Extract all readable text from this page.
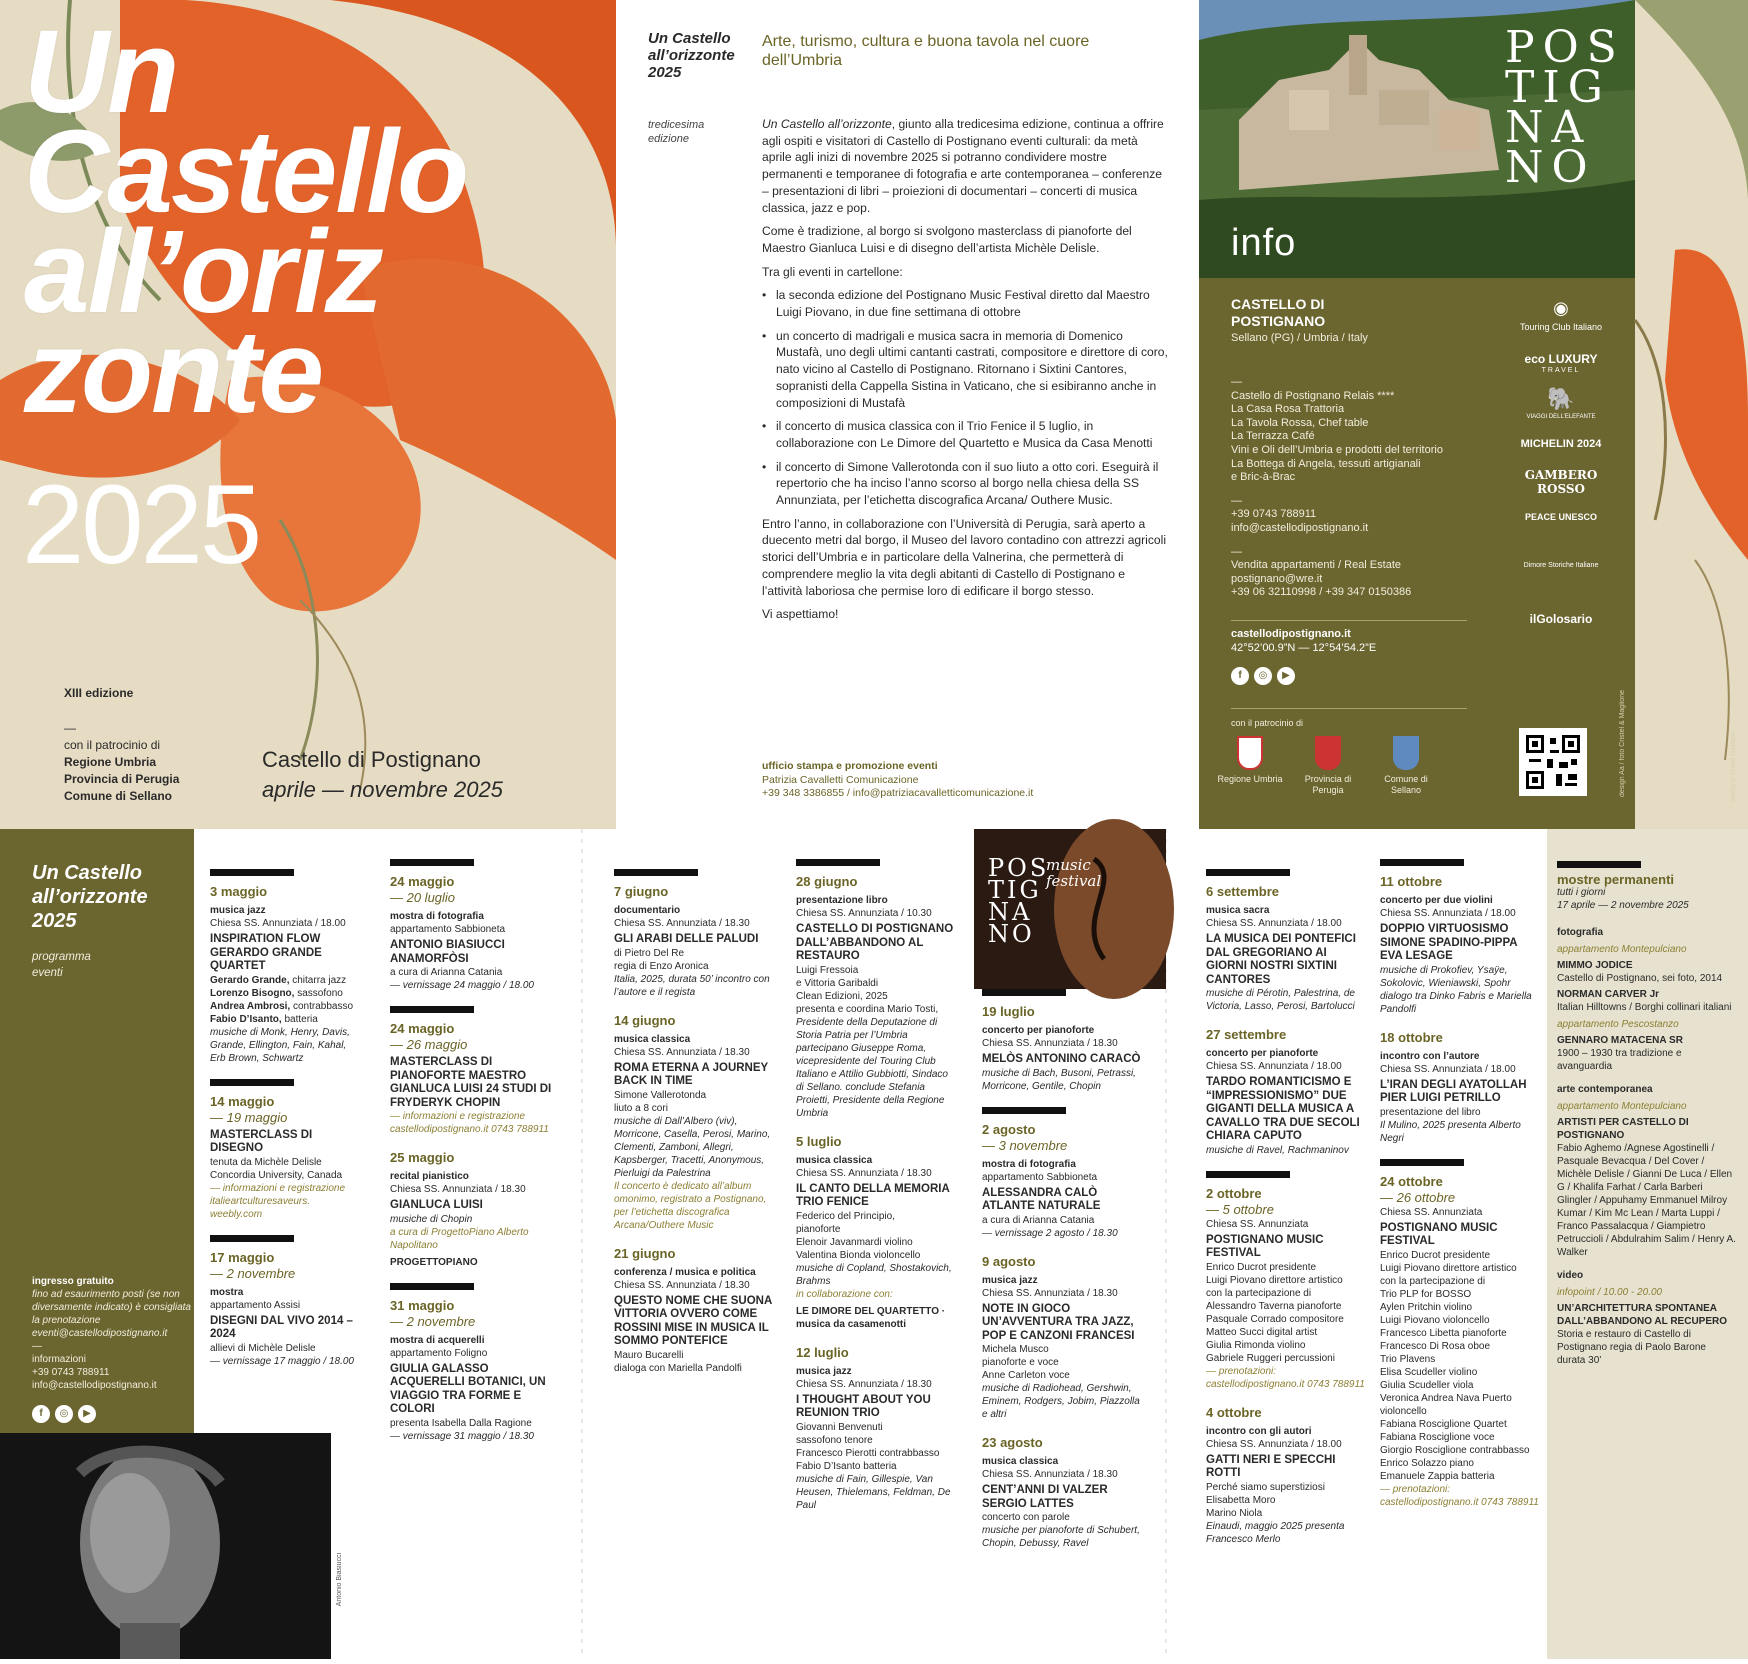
Un
Castello
all’oriz
zonte
2025
XIII edizione
—
con il patrocinio di
Regione Umbria
Provincia di Perugia
Comune di Sellano
Castello di Postignano
aprile — novembre 2025
Un Castello all’orizzonte 2025
Arte, turismo, cultura e buona tavola nel cuore dell’Umbria
tredicesima edizione

Un Castello all’orizzonte, giunto alla tredicesima edizione, continua a offrire agli ospiti e visitatori di Castello di Postignano eventi culturali: da metà aprile agli inizi di novembre 2025 si potranno condividere mostre permanenti e temporanee di fotografia e arte contemporanea – conferenze – presentazioni di libri – proiezioni di documentari – concerti di musica classica, jazz e pop.

Come è tradizione, al borgo si svolgono masterclass di pianoforte del Maestro Gianluca Luisi e di disegno dell’artista Michèle Delisle.

Tra gli eventi in cartellone:

• la seconda edizione del Postignano Music Festival diretto dal Maestro Luigi Piovano, in due fine settimana di ottobre
• un concerto di madrigali e musica sacra in memoria di Domenico Mustafà, uno degli ultimi cantanti castrati, compositore e direttore di coro, nato vicino al Castello di Postignano. Ritornano i Sixtini Cantores, sopranisti della Cappella Sistina in Vaticano, che si esibiranno anche in composizioni di Mustafà
• il concerto di musica classica con il Trio Fenice il 5 luglio, in collaborazione con Le Dimore del Quartetto e Musica da Casa Menotti
• il concerto di Simone Vallerotonda con il suo liuto a otto cori. Eseguirà il repertorio che ha inciso l’anno scorso al borgo nella chiesa della SS Annunziata, per l’etichetta discografica Arcana/ Outhere Music.

Entro l’anno, in collaborazione con l’Università di Perugia, sarà aperto a duecento metri dal borgo, il Museo del lavoro contadino con attrezzi agricoli storici dell’Umbria e in particolare della Valnerina, che permetterà di comprendere meglio la vita degli abitanti di Castello di Postignano e l’attività laboriosa che permise loro di edificare il borgo stesso.

Vi aspettiamo!

ufficio stampa e promozione eventi
Patrizia Cavalletti Comunicazione
+39 348 3386855 / info@patriziacavalletticomunicazione.it
info
POS
TIG
NA
NO
CASTELLO DI POSTIGNANO
Sellano (PG) / Umbria / Italy
—
Castello di Postignano Relais ****
La Casa Rosa Trattoria
La Tavola Rossa, Chef table
La Terrazza Café
Vini e Oli dell’Umbria e prodotti del territorio
La Bottega di Angela, tessuti artigianali
e Bric-à-Brac
—
+39 0743 788911
info@castellodipostignano.it
—
Vendita appartamenti / Real Estate
postignano@wre.it
+39 06 32110998 / +39 347 0150386
castellodipostignano.it
42°52’00.9”N — 12°54’54.2”E
f ◎ ▶
con il patrocinio di
Regione Umbria	Provincia di Perugia
Comune di Sellano
◉
Touring Club Italiano
eco LUXURY
TRAVEL
🐘
VIAGGI DELL’ELEFANTE
MICHELIN 2024
GAMBERO ROSSO
PEACE UNESCO
Dimore Storiche Italiane
ilGolosario
design Aa / foto Cristel & Maglione	disegno Giulia Galasso
Un Castello all’orizzonte 2025
programma
eventi
ingresso gratuito
fino ad esaurimento posti (se non diversamente indicato) è consigliata la prenotazione eventi@castellodipostignano.it
—
informazioni
+39 0743 788911
info@castellodipostignano.it
f ◎ ▶
Antonio Biasiucci
POS TIG NA NO
music festival
3 maggio
musica jazz
Chiesa SS. Annunziata / 18.00
INSPIRATION FLOW GERARDO GRANDE QUARTET
Gerardo Grande, chitarra jazz
Lorenzo Bisogno, sassofono
Andrea Ambrosi, contrabbasso
Fabio D’Isanto, batteria
musiche di Monk, Henry, Davis, Grande, Ellington, Fain, Kahal, Erb Brown, Schwartz
14 maggio
— 19 maggio
MASTERCLASS DI DISEGNO
tenuta da Michèle Delisle
Concordia University, Canada
— informazioni e registrazione italieartculturesaveurs. weebly.com
17 maggio
— 2 novembre
mostra
appartamento Assisi
DISEGNI DAL VIVO 2014 – 2024
allievi di Michèle Delisle
— vernissage 17 maggio / 18.00
24 maggio
— 20 luglio
mostra di fotografia
appartamento Sabbioneta
ANTONIO BIASIUCCI ANAMORFÒSI
a cura di Arianna Catania
— vernissage 24 maggio / 18.00
24 maggio
— 26 maggio
MASTERCLASS DI PIANOFORTE MAESTRO GIANLUCA LUISI 24 STUDI DI FRYDERYK CHOPIN
— informazioni e registrazione castellodipostignano.it 0743 788911
25 maggio
recital pianistico
Chiesa SS. Annunziata / 18.30
GIANLUCA LUISI
musiche di Chopin
a cura di ProgettoPiano Alberto Napolitano
PROGETTOPIANO
31 maggio
— 2 novembre
mostra di acquerelli
appartamento Foligno
GIULIA GALASSO ACQUERELLI BOTANICI, UN VIAGGIO TRA FORME E COLORI
presenta Isabella Dalla Ragione
— vernissage 31 maggio / 18.30
7 giugno
documentario
Chiesa SS. Annunziata / 18.30
GLI ARABI DELLE PALUDI
di Pietro Del Re
regia di Enzo Aronica
Italia, 2025, durata 50’ incontro con l’autore e il regista
14 giugno
musica classica
Chiesa SS. Annunziata / 18.30
ROMA ETERNA A JOURNEY BACK IN TIME
Simone Vallerotonda
liuto a 8 cori
musiche di Dall’Albero (viv), Morricone, Casella, Perosi, Marino, Clementi, Zamboni, Allegri, Kapsberger, Tracetti, Anonymous, Pierluigi da Palestrina
Il concerto è dedicato all’album omonimo, registrato a Postignano, per l’etichetta discografica Arcana/Outhere Music
21 giugno
conferenza / musica e politica
Chiesa SS. Annunziata / 18.30
QUESTO NOME CHE SUONA VITTORIA OVVERO COME ROSSINI MISE IN MUSICA IL SOMMO PONTEFICE
Mauro Bucarelli
dialoga con Mariella Pandolfi
28 giugno
presentazione libro
Chiesa SS. Annunziata / 10.30
CASTELLO DI POSTIGNANO DALL’ABBANDONO AL RESTAURO
Luigi Fressoia
e Vittoria Garibaldi
Clean Edizioni, 2025
presenta e coordina Mario Tosti,
Presidente della Deputazione di Storia Patria per l’Umbria partecipano Giuseppe Roma, vicepresidente del Touring Club Italiano e Attilio Gubbiotti, Sindaco di Sellano. conclude Stefania Proietti, Presidente della Regione Umbria
5 luglio
musica classica
Chiesa SS. Annunziata / 18.30
IL CANTO DELLA MEMORIA TRIO FENICE
Federico del Principio,
pianoforte
Elenoir Javanmardi violino
Valentina Bionda violoncello
musiche di Copland, Shostakovich, Brahms
in collaborazione con:
LE DIMORE DEL QUARTETTO · musica da casamenotti
12 luglio
musica jazz
Chiesa SS. Annunziata / 18.30
I THOUGHT ABOUT YOU REUNION TRIO
Giovanni Benvenuti
sassofono tenore
Francesco Pierotti contrabbasso
Fabio D’Isanto batteria
musiche di Fain, Gillespie, Van Heusen, Thielemans, Feldman, De Paul
19 luglio
concerto per pianoforte
Chiesa SS. Annunziata / 18.30
MELÒS ANTONINO CARACÒ
musiche di Bach, Busoni, Petrassi, Morricone, Gentile, Chopin
2 agosto
— 3 novembre
mostra di fotografia
appartamento Sabbioneta
ALESSANDRA CALÒ ATLANTE NATURALE
a cura di Arianna Catania
— vernissage 2 agosto / 18.30
9 agosto
musica jazz
Chiesa SS. Annunziata / 18.30
NOTE IN GIOCO UN’AVVENTURA TRA JAZZ, POP E CANZONI FRANCESI
Michela Musco
pianoforte e voce
Anne Carleton voce
musiche di Radiohead, Gershwin, Eminem, Rodgers, Jobim, Piazzolla e altri
23 agosto
musica classica
Chiesa SS. Annunziata / 18.30
CENT’ANNI DI VALZER SERGIO LATTES
concerto con parole
musiche per pianoforte di Schubert, Chopin, Debussy, Ravel
6 settembre
musica sacra
Chiesa SS. Annunziata / 18.00
LA MUSICA DEI PONTEFICI DAL GREGORIANO AI GIORNI NOSTRI SIXTINI CANTORES
musiche di Pérotin, Palestrina, de Victoria, Lasso, Perosi, Bartolucci
27 settembre
concerto per pianoforte
Chiesa SS. Annunziata / 18.00
TARDO ROMANTICISMO E “IMPRESSIONISMO” DUE GIGANTI DELLA MUSICA A CAVALLO TRA DUE SECOLI CHIARA CAPUTO
musiche di Ravel, Rachmaninov
2 ottobre
— 5 ottobre
Chiesa SS. Annunziata
POSTIGNANO MUSIC FESTIVAL
Enrico Ducrot presidente
Luigi Piovano direttore artistico
con la partecipazione di
Alessandro Taverna pianoforte
Pasquale Corrado compositore
Matteo Succi digital artist
Giulia Rimonda violino
Gabriele Ruggeri percussioni
— prenotazioni: castellodipostignano.it 0743 788911
4 ottobre
incontro con gli autori
Chiesa SS. Annunziata / 18.00
GATTI NERI E SPECCHI ROTTI
Perché siamo superstiziosi
Elisabetta Moro
Marino Niola
Einaudi, maggio 2025 presenta Francesco Merlo
11 ottobre
concerto per due violini
Chiesa SS. Annunziata / 18.00
DOPPIO VIRTUOSISMO SIMONE SPADINO-PIPPA EVA LESAGE
musiche di Prokofiev, Ysaÿe, Sokolovic, Wieniawski, Spohr dialogo tra Dinko Fabris e Mariella Pandolfi
18 ottobre
incontro con l’autore
Chiesa SS. Annunziata / 18.00
L’IRAN DEGLI AYATOLLAH PIER LUIGI PETRILLO
presentazione del libro
Il Mulino, 2025 presenta Alberto Negri
24 ottobre
— 26 ottobre
Chiesa SS. Annunziata
POSTIGNANO MUSIC FESTIVAL
Enrico Ducrot presidente
Luigi Piovano direttore artistico
con la partecipazione di
Trio PLP for BOSSO
Aylen Pritchin violino
Luigi Piovano violoncello
Francesco Libetta pianoforte
Francesco Di Rosa oboe
Trio Plavens
Elisa Scudeller violino
Giulia Scudeller viola
Veronica Andrea Nava Puerto violoncello
Fabiana Rosciglione Quartet
Fabiana Rosciglione voce
Giorgio Rosciglione contrabbasso
Enrico Solazzo piano
Emanuele Zappia batteria
— prenotazioni: castellodipostignano.it 0743 788911
mostre permanenti
tutti i giorni
17 aprile — 2 novembre 2025
fotografia
appartamento Montepulciano
MIMMO JODICE
Castello di Postignano, sei foto, 2014
NORMAN CARVER Jr
Italian Hilltowns / Borghi collinari italiani
appartamento Pescostanzo
GENNARO MATACENA SR
1900 – 1930 tra tradizione e avanguardia
arte contemporanea
appartamento Montepulciano
ARTISTI PER CASTELLO DI POSTIGNANO
Fabio Aghemo /Agnese Agostinelli / Pasquale Bevacqua / Del Cover / Michèle Delisle / Gianni De Luca / Ellen G / Khalifa Farhat / Carla Barberi Glingler / Appuhamy Emmanuel Milroy Kumar / Kim Mc Lean / Marta Luppi / Franco Passalacqua / Giampietro Petruccioli / Abdulrahim Salim / Henry A. Walker
video
infopoint / 10.00 - 20.00
UN’ARCHITETTURA SPONTANEA DALL’ABBANDONO AL RECUPERO
Storia e restauro di Castello di Postignano regia di Paolo Barone durata 30’
